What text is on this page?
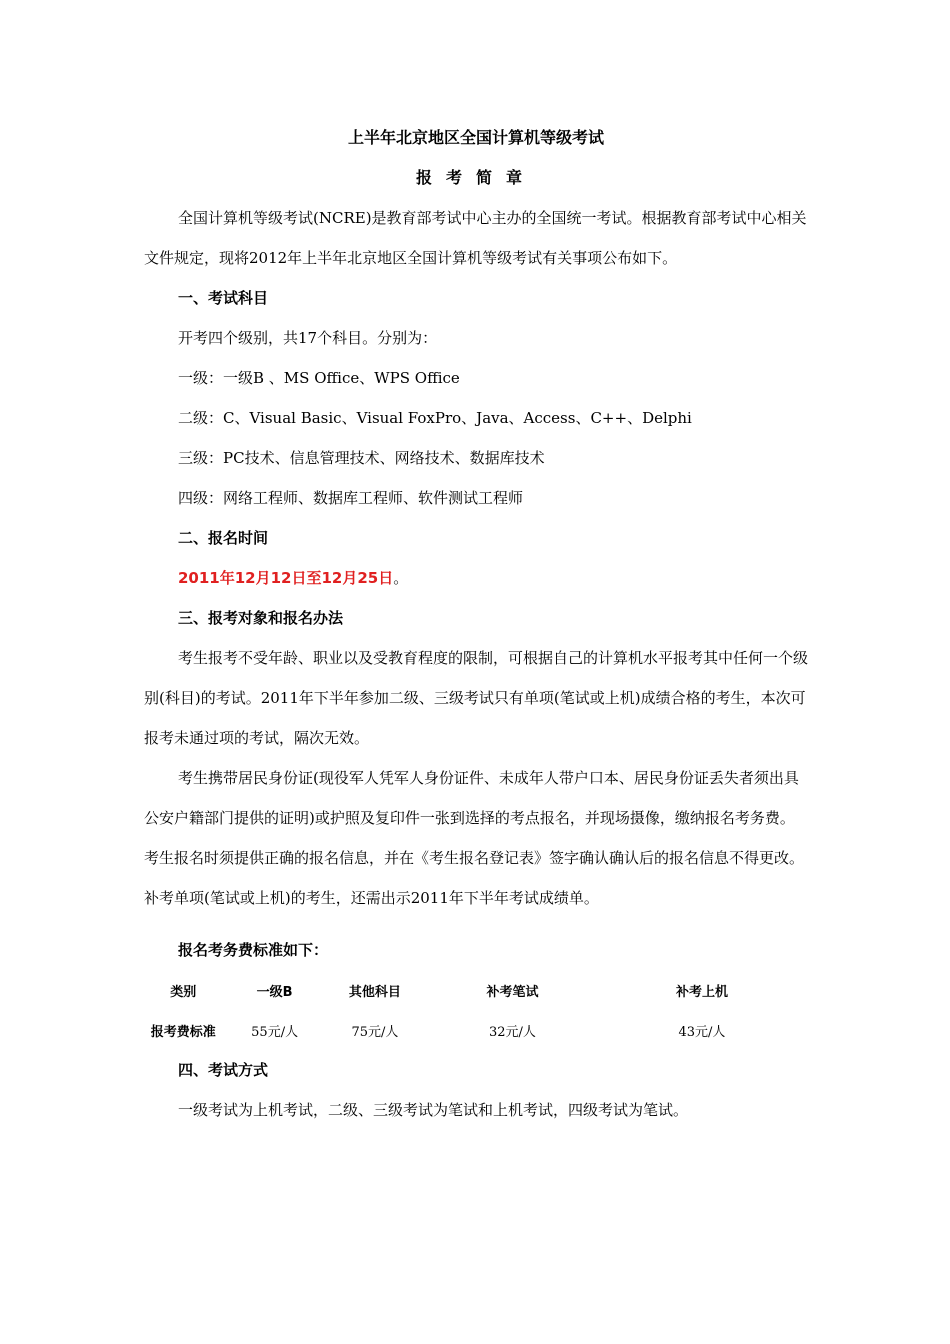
上半年北京地区全国计算机等级考试
报考简章

全国计算机等级考试(NCRE)是教育部考试中心主办的全国统一考试。根据教育部考试中心相关文件规定，现将2012年上半年北京地区全国计算机等级考试有关事项公布如下。

一、考试科目
开考四个级别，共17个科目。分别为：
一级：一级B 、MS Office、WPS Office
二级：C、Visual Basic、Visual FoxPro、Java、Access、C++、Delphi
三级：PC技术、信息管理技术、网络技术、数据库技术
四级：网络工程师、数据库工程师、软件测试工程师
二、报名时间
2011年12月12日至12月25日。
三、报考对象和报名办法

考生报考不受年龄、职业以及受教育程度的限制，可根据自己的计算机水平报考其中任何一个级别(科目)的考试。2011年下半年参加二级、三级考试只有单项(笔试或上机)成绩合格的考生，本次可报考未通过项的考试，隔次无效。

考生携带居民身份证(现役军人凭军人身份证件、未成年人带户口本、居民身份证丢失者须出具公安户籍部门提供的证明)或护照及复印件一张到选择的考点报名，并现场摄像，缴纳报名考务费。考生报名时须提供正确的报名信息，并在《考生报名登记表》签字确认确认后的报名信息不得更改。补考单项(笔试或上机)的考生，还需出示2011年下半年考试成绩单。

报名考务费标准如下：
类别	一级B	其他科目	补考笔试	补考上机
报考费标准	55元/人	75元/人	32元/人	43元/人
四、考试方式

一级考试为上机考试，二级、三级考试为笔试和上机考试，四级考试为笔试。
